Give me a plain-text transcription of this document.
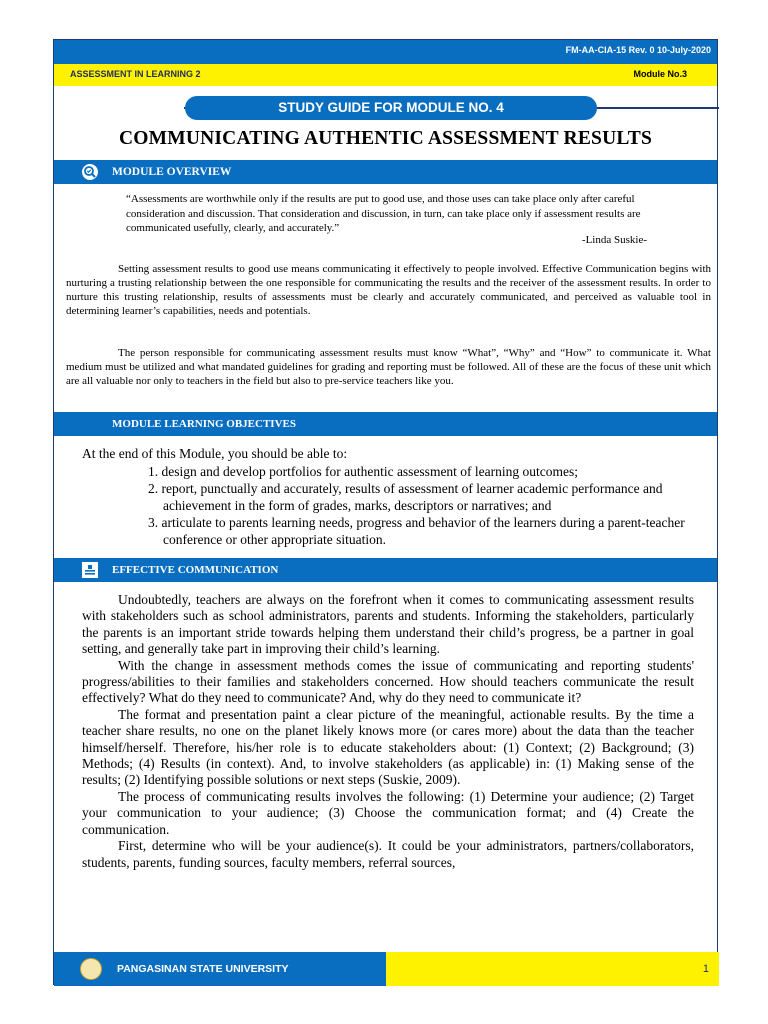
FM-AA-CIA-15 Rev. 0 10-July-2020
ASSESSMENT IN LEARNING 2	Module No.3
STUDY GUIDE FOR MODULE NO. 4
COMMUNICATING AUTHENTIC ASSESSMENT RESULTS
MODULE OVERVIEW
“Assessments are worthwhile only if the results are put to good use, and those uses can take place only after careful consideration and discussion. That consideration and discussion, in turn, can take place only if assessment results are communicated usefully, clearly, and accurately.”
-Linda Suskie-
Setting assessment results to good use means communicating it effectively to people involved. Effective Communication begins with nurturing a trusting relationship between the one responsible for communicating the results and the receiver of the assessment results. In order to nurture this trusting relationship, results of assessments must be clearly and accurately communicated, and perceived as valuable tool in determining learner’s capabilities, needs and potentials.
The person responsible for communicating assessment results must know “What”, “Why” and “How” to communicate it. What medium must be utilized and what mandated guidelines for grading and reporting must be followed. All of these are the focus of these unit which are all valuable nor only to teachers in the field but also to pre-service teachers like you.
MODULE LEARNING OBJECTIVES
At the end of this Module, you should be able to:
1. design and develop portfolios for authentic assessment of learning outcomes;
2. report, punctually and accurately, results of assessment of learner academic performance and achievement in the form of grades, marks, descriptors or narratives; and
3. articulate to parents learning needs, progress and behavior of the learners during a parent-teacher conference or other appropriate situation.
EFFECTIVE COMMUNICATION

Undoubtedly, teachers are always on the forefront when it comes to communicating assessment results with stakeholders such as school administrators, parents and students. Informing the stakeholders, particularly the parents is an important stride towards helping them understand their child’s progress, be a partner in goal setting, and generally take part in improving their child’s learning.

With the change in assessment methods comes the issue of communicating and reporting students' progress/abilities to their families and stakeholders concerned. How should teachers communicate the result effectively? What do they need to communicate? And, why do they need to communicate it?

The format and presentation paint a clear picture of the meaningful, actionable results. By the time a teacher share results, no one on the planet likely knows more (or cares more) about the data than the teacher himself/herself. Therefore, his/her role is to educate stakeholders about: (1) Context; (2) Background; (3) Methods; (4) Results (in context). And, to involve stakeholders (as applicable) in: (1) Making sense of the results; (2) Identifying possible solutions or next steps (Suskie, 2009).

The process of communicating results involves the following: (1) Determine your audience; (2) Target your communication to your audience; (3) Choose the communication format; and (4) Create the communication.

First, determine who will be your audience(s). It could be your administrators, partners/collaborators, students, parents, funding sources, faculty members, referral sources,

PANGASINAN STATE UNIVERSITY	1
